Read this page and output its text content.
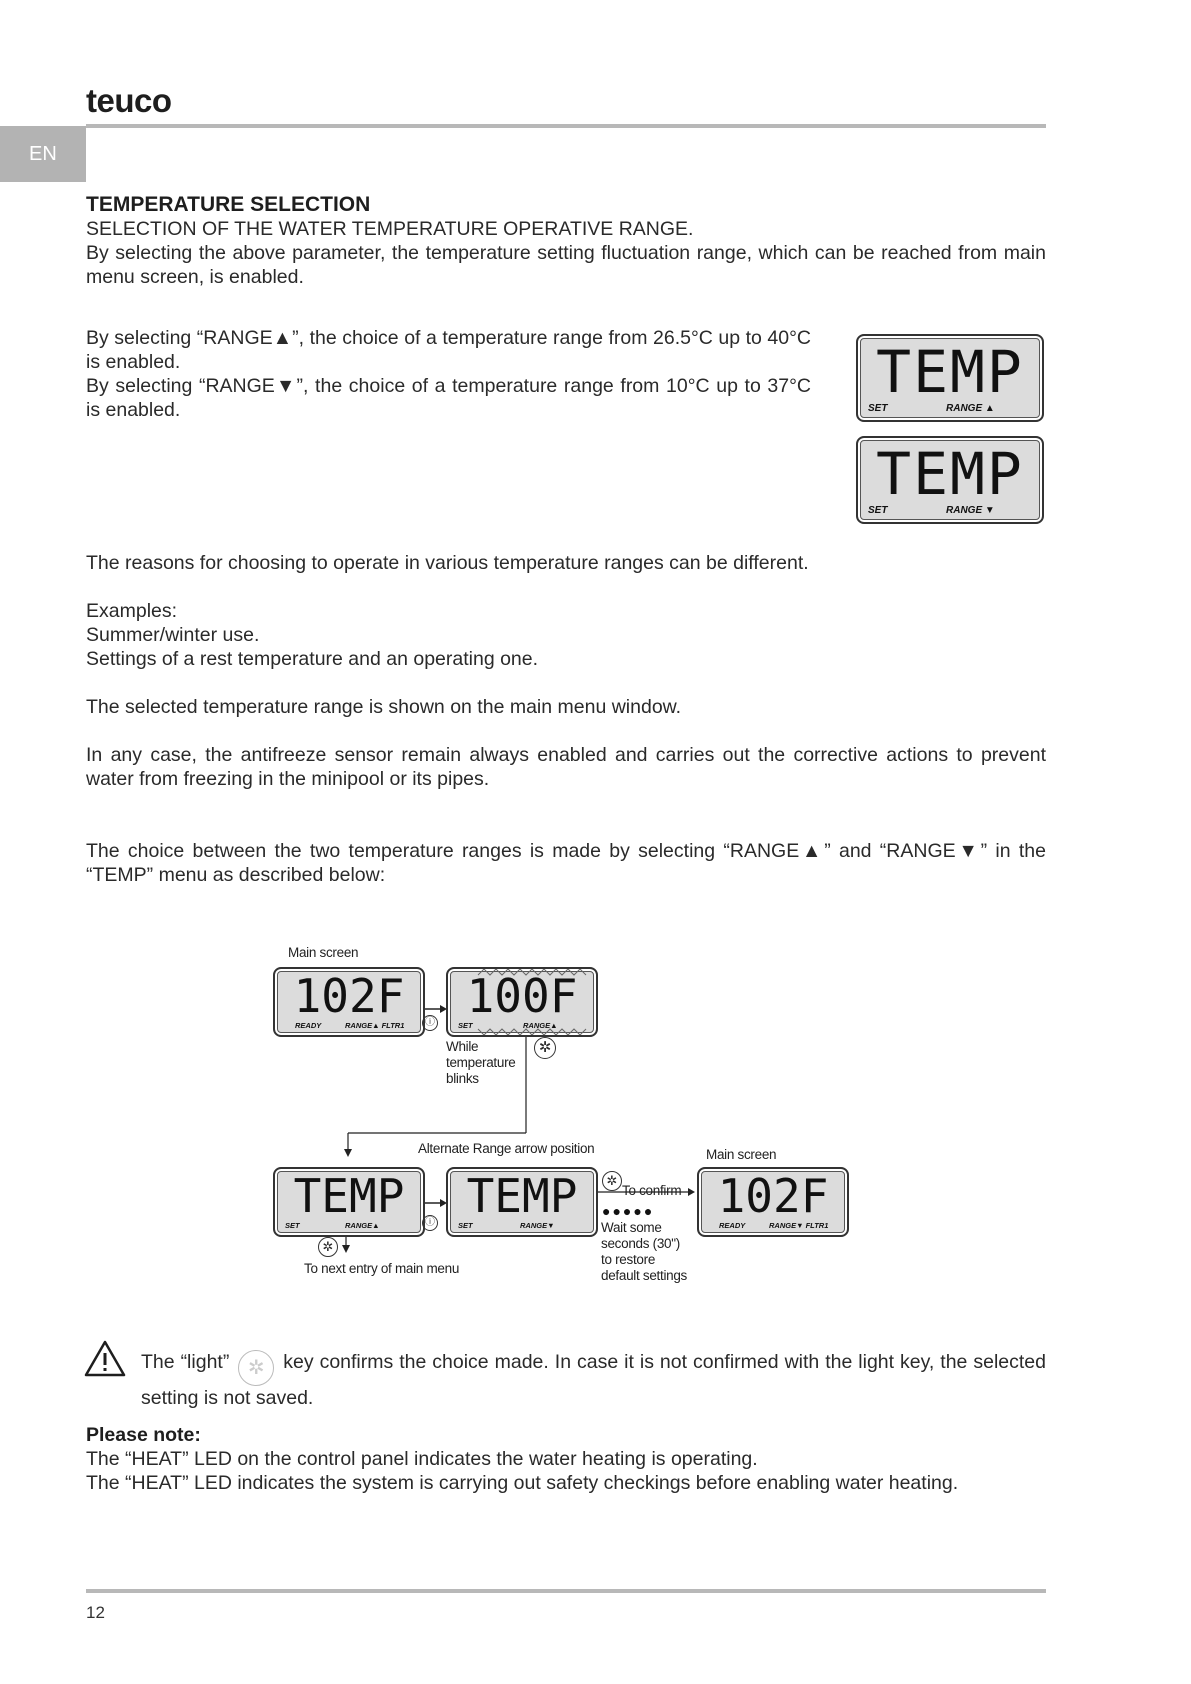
teuco
EN
TEMPERATURE SELECTION
SELECTION OF THE WATER TEMPERATURE OPERATIVE RANGE.
By selecting the above parameter, the temperature setting fluctuation range, which can be reached from main menu screen, is enabled.
By selecting “RANGE▲”, the choice of a temperature range from 26.5°C up to 40°C is enabled.
By selecting “RANGE▼”, the choice of a temperature range from 10°C up to 37°C is enabled.
TEMP
SET	RANGE ▲
TEMP
SET	RANGE ▼
The reasons for choosing to operate in various temperature ranges can be different.
Examples:
Summer/winter use.
Settings of a rest temperature and an operating one.
The selected temperature range is shown on the main menu window.
In any case, the antifreeze sensor remain always enabled and carries out the corrective actions to prevent water from freezing in the minipool or its pipes.
The choice between the two temperature ranges is made by selecting “RANGE▲” and “RANGE▼” in the “TEMP” menu as described below:
Main screen
102F
READY	RANGE▲ FLTR1	ⓘ 100F
SET	RANGE▲
While
temperature
blinks
✲
Alternate Range arrow position	Main screen
TEMP
SET	RANGE▲	ⓘ TEMP
SET	RANGE▼
✲
To confirm
●●●●●
Wait some
seconds (30")
to restore
default settings
102F
READY	RANGE▼ FLTR1
✲
To next entry of main menu
The “light” ✲ key confirms the choice made. In case it is not confirmed with the light key, the selected setting is not saved.
Please note:
The “HEAT” LED on the control panel indicates the water heating is operating.
The “HEAT” LED indicates the system is carrying out safety checkings before enabling water heating.
12
